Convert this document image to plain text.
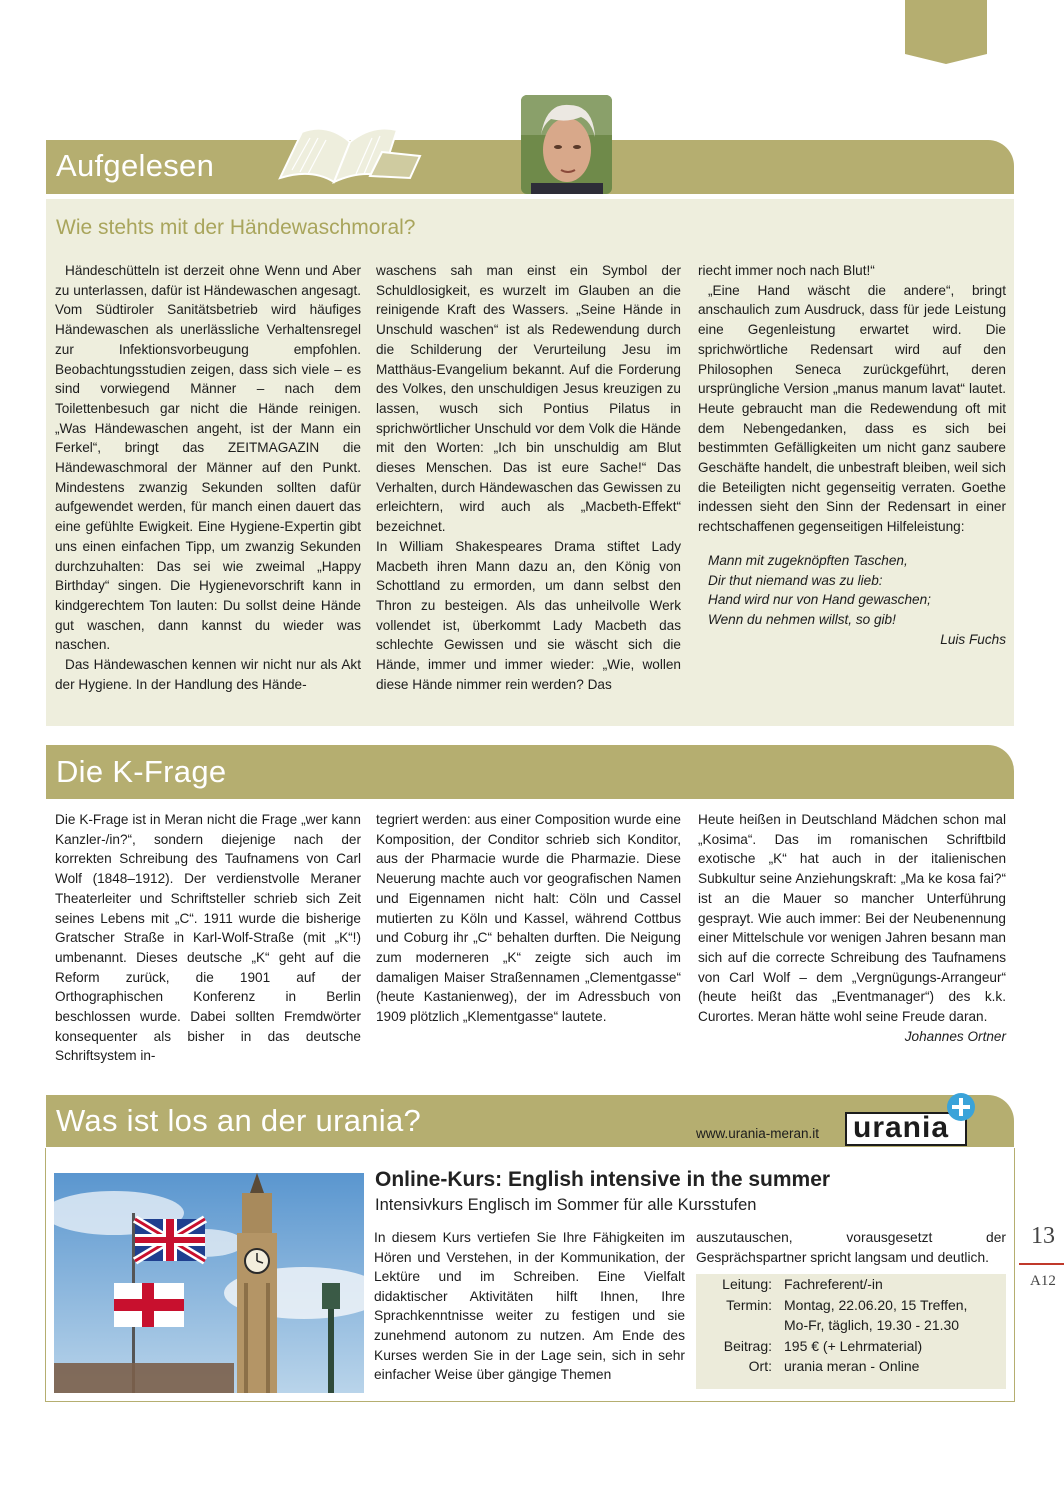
Aufgelesen
Wie stehts mit der Händewaschmoral?

Händeschütteln ist derzeit ohne Wenn und Aber zu unterlassen, dafür ist Händewaschen angesagt. Vom Südtiroler Sanitätsbetrieb wird häufiges Händewaschen als unerlässliche Verhaltensregel zur Infektionsvorbeugung empfohlen. Beobachtungsstudien zeigen, dass sich viele – es sind vorwiegend Männer – nach dem Toilettenbesuch gar nicht die Hände reinigen. „Was Händewaschen angeht, ist der Mann ein Ferkel“, bringt das ZEITMAGAZIN die Händewaschmoral der Männer auf den Punkt. Mindestens zwanzig Sekunden sollten dafür aufgewendet werden, für manch einen dauert das eine gefühlte Ewigkeit. Eine Hygiene-Expertin gibt uns einen einfachen Tipp, um zwanzig Sekunden durchzuhalten: Das sei wie zweimal „Happy Birthday“ singen. Die Hygienevorschrift kann in kindgerechtem Ton lauten: Du sollst deine Hände gut waschen, dann kannst du wieder was naschen.

Das Händewaschen kennen wir nicht nur als Akt der Hygiene. In der Handlung des Hände-

waschens sah man einst ein Symbol der Schuldlosigkeit, es wurzelt im Glauben an die reinigende Kraft des Wassers. „Seine Hände in Unschuld waschen“ ist als Redewendung durch die Schilderung der Verurteilung Jesu im Matthäus-Evangelium bekannt. Auf die Forderung des Volkes, den unschuldigen Jesus kreuzigen zu lassen, wusch sich Pontius Pilatus in sprichwörtlicher Unschuld vor dem Volk die Hände mit den Worten: „Ich bin unschuldig am Blut dieses Menschen. Das ist eure Sache!“ Das Verhalten, durch Händewaschen das Gewissen zu erleichtern, wird auch als „Macbeth-Effekt“ bezeichnet.

In William Shakespeares Drama stiftet Lady Macbeth ihren Mann dazu an, den König von Schottland zu ermorden, um dann selbst den Thron zu besteigen. Als das unheilvolle Werk vollendet ist, überkommt Lady Macbeth das schlechte Gewissen und sie wäscht sich die Hände, immer und immer wieder: „Wie, wollen diese Hände nimmer rein werden? Das

riecht immer noch nach Blut!“

„Eine Hand wäscht die andere“, bringt anschaulich zum Ausdruck, dass für jede Leistung eine Gegenleistung erwartet wird. Die sprichwörtliche Redensart wird auf den Philosophen Seneca zurückgeführt, deren ursprüngliche Version „manus manum lavat“ lautet. Heute gebraucht man die Redewendung oft mit dem Nebengedanken, dass es sich bei bestimmten Gefälligkeiten um nicht ganz saubere Geschäfte handelt, die unbestraft bleiben, weil sich die Beteiligten nicht gegenseitig verraten. Goethe indessen sieht den Sinn der Redensart in einer rechtschaffenen gegenseitigen Hilfeleistung:

Mann mit zugeknöpften Taschen,
Dir thut niemand was zu lieb:
Hand wird nur von Hand gewaschen;
Wenn du nehmen willst, so gib!
Luis Fuchs
Die K-Frage

Die K-Frage ist in Meran nicht die Frage „wer kann Kanzler-/in?“, sondern diejenige nach der korrekten Schreibung des Taufnamens von Carl Wolf (1848–1912). Der verdienstvolle Meraner Theaterleiter und Schriftsteller schrieb sich Zeit seines Lebens mit „C“. 1911 wurde die bisherige Gratscher Straße in Karl-Wolf-Straße (mit „K“!) umbenannt. Dieses deutsche „K“ geht auf die Reform zurück, die 1901 auf der Orthographischen Konferenz in Berlin beschlossen wurde. Dabei sollten Fremdwörter konsequenter als bisher in das deutsche Schriftsystem in-

tegriert werden: aus einer Composition wurde eine Komposition, der Conditor schrieb sich Konditor, aus der Pharmacie wurde die Pharmazie. Diese Neuerung machte auch vor geografischen Namen und Eigennamen nicht halt: Cöln und Cassel mutierten zu Köln und Kassel, während Cottbus und Coburg ihr „C“ behalten durften. Die Neigung zum moderneren „K“ zeigte sich auch im damaligen Maiser Straßennamen „Clementgasse“ (heute Kastanienweg), der im Adressbuch von 1909 plötzlich „Klementgasse“ lautete.

Heute heißen in Deutschland Mädchen schon mal „Kosima“. Das im romanischen Schriftbild exotische „K“ hat auch in der italienischen Subkultur seine Anziehungskraft: „Ma ke kosa fai?“ ist an die Mauer so mancher Unterführung gesprayt. Wie auch immer: Bei der Neubenennung einer Mittelschule vor wenigen Jahren besann man sich auf die correcte Schreibung des Taufnamens von Carl Wolf – dem „Vergnügungs-Arrangeur“ (heute heißt das „Eventmanager“) des k.k. Curortes. Meran hätte wohl seine Freude daran.

Johannes Ortner
Was ist los an der urania?	www.urania-meran.it urania
Online-Kurs: English intensive in the summer
Intensivkurs Englisch im Sommer für alle Kursstufen

In diesem Kurs vertiefen Sie Ihre Fähigkeiten im Hören und Verstehen, in der Kommunikation, der Lektüre und im Schreiben. Eine Vielfalt didaktischer Aktivitäten hilft Ihnen, Ihre Sprachkenntnisse weiter zu festigen und sie zunehmend autonom zu nutzen. Am Ende des Kurses werden Sie in der Lage sein, sich in sehr einfacher Weise über gängige Themen

auszutauschen, vorausgesetzt der Gesprächspartner spricht langsam und deutlich.

Leitung: Fachreferent/-in
Termin: Montag, 22.06.20, 15 Treffen,
Mo-Fr, täglich, 19.30 - 21.30
Beitrag: 195 € (+ Lehrmaterial)
Ort: urania meran - Online
13
A12
